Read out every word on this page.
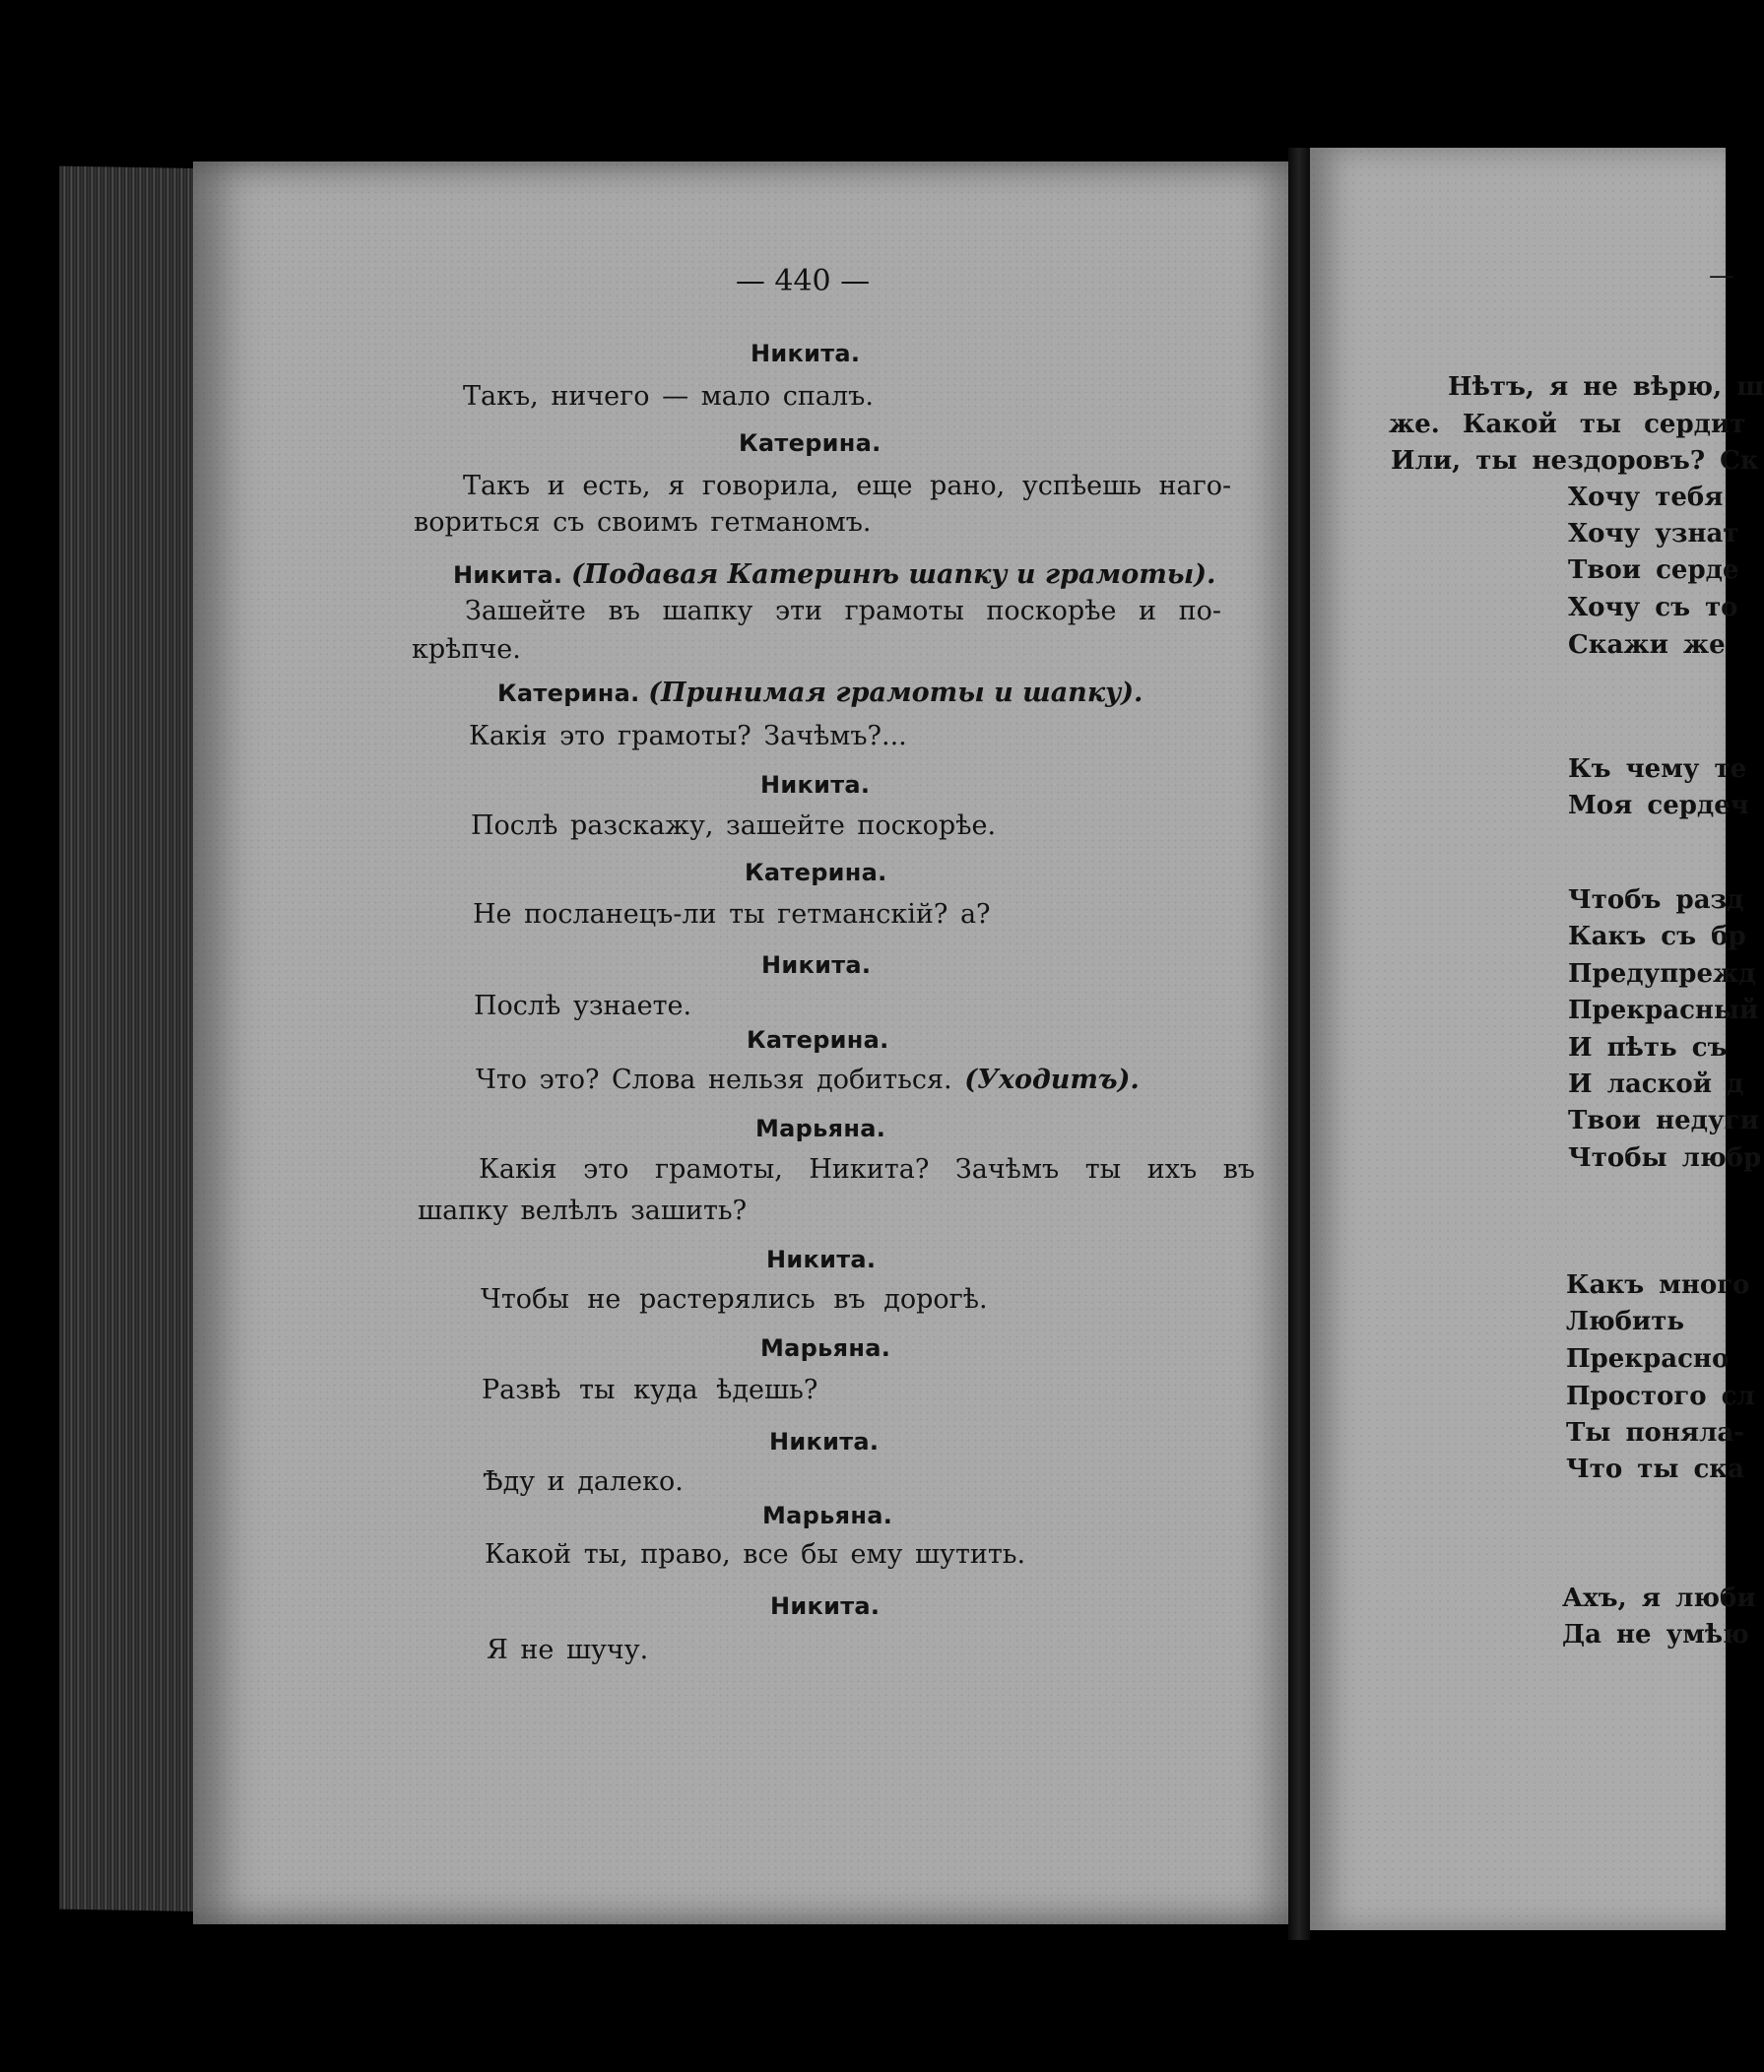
— 440 —
Никита.
Такъ, ничего — мало спалъ.
Катерина.
Такъ и есть, я говорила, еще рано, успѣешь наго-
вориться съ своимъ гетманомъ.
Никита. (Подавая Катеринѣ шапку и грамоты).
Зашейте въ шапку эти грамоты поскорѣе и по-
крѣпче.
Катерина. (Принимая грамоты и шапку).
Какія это грамоты? Зачѣмъ?...
Никита.
Послѣ разскажу, зашейте поскорѣе.
Катерина.
Не посланецъ-ли ты гетманскій? а?
Никита.
Послѣ узнаете.
Катерина.
Что это? Слова нельзя добиться. (Уходитъ).
Марьяна.
Какія это грамоты, Никита? Зачѣмъ ты ихъ въ
шапку велѣлъ зашить?
Никита.
Чтобы не растерялись въ дорогѣ.
Марьяна.
Развѣ ты куда ѣдешь?
Никита.
Ѣду и далеко.
Марьяна.
Какой ты, право, все бы ему шутить.
Никита.
Я не шучу.
—
Нѣтъ, я не вѣрю, ш
же. Какой ты сердит
Или, ты нездоровъ? Ск
Хочу тебя
Хочу узнат
Твои серде
Хочу съ то
Скажи же
Къ чему те
Моя сердеч
Чтобъ разд
Какъ съ бр
Предупрежд
Прекрасный
И пѣть съ
И лаской д
Твои недуги
Чтобы любр
Какъ много
Любить
Прекрасно
Простого сл
Ты поняла-
Что ты ска
Ахъ, я люби
Да не умѣю
